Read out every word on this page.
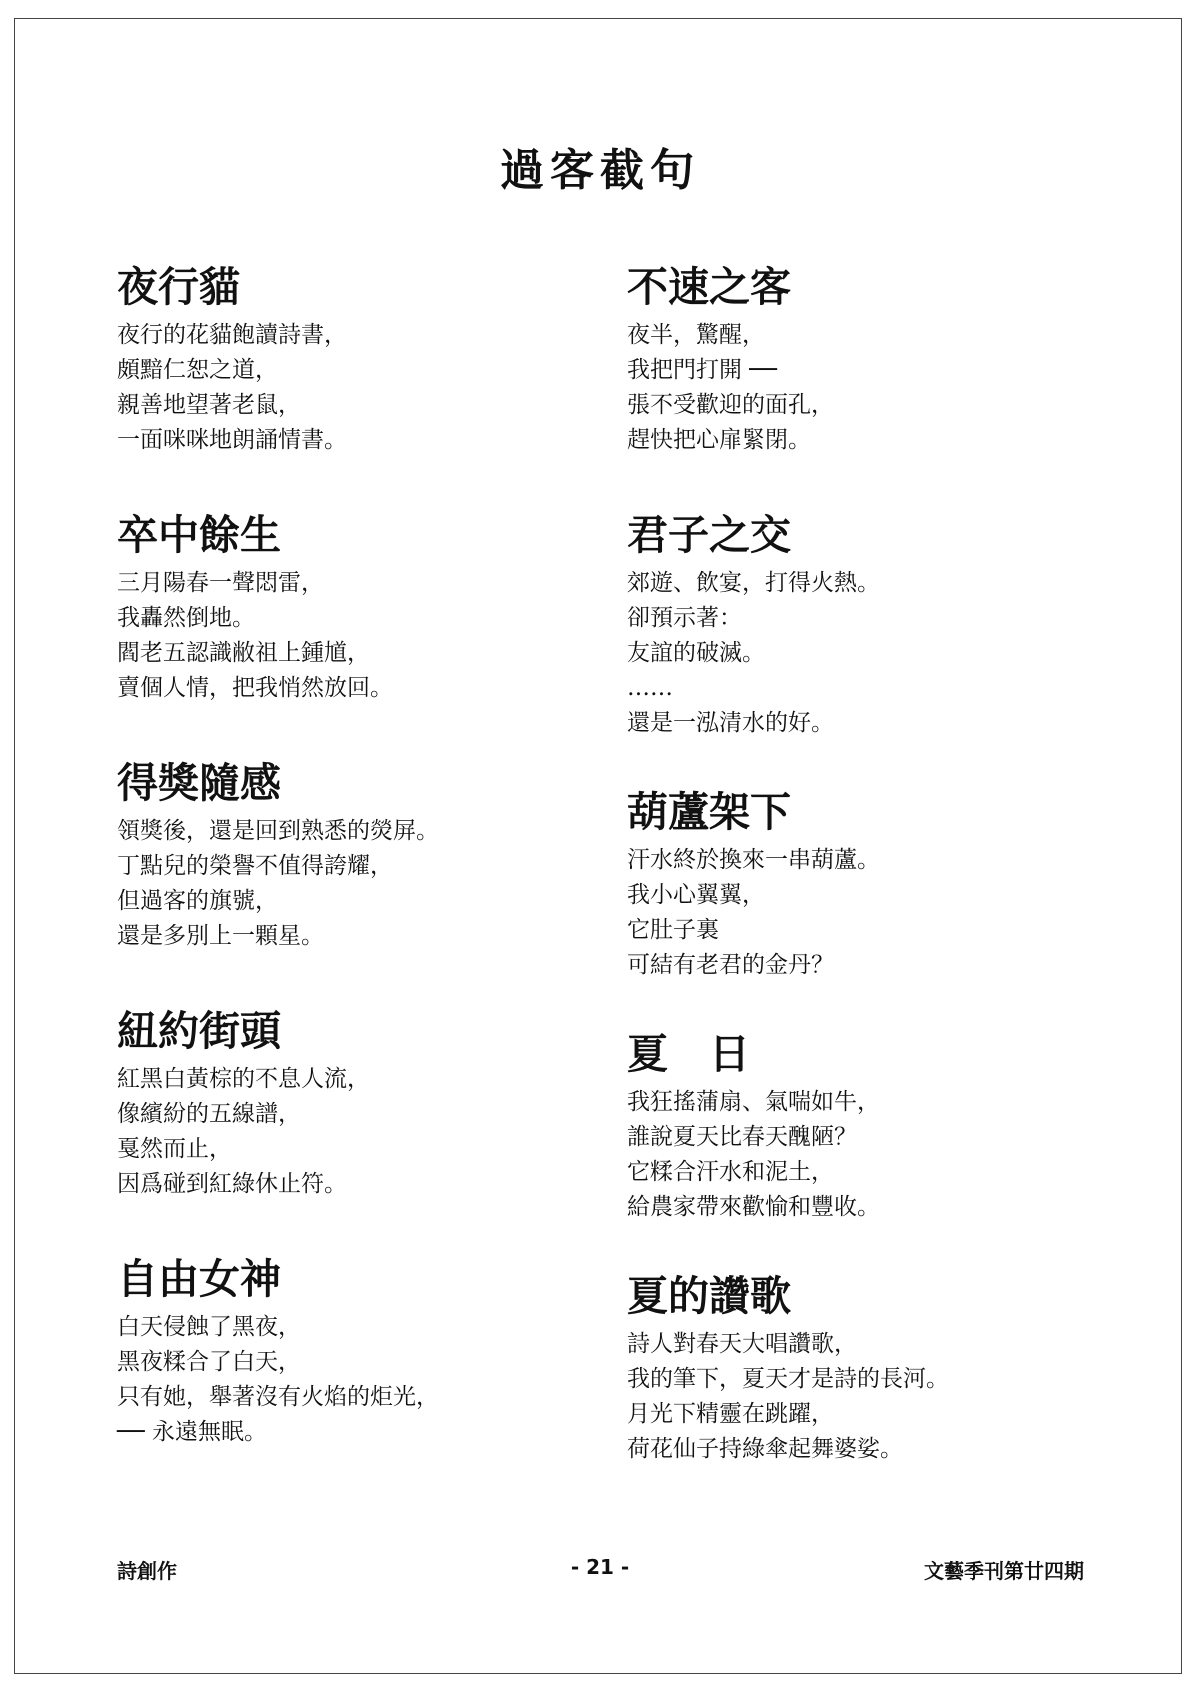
過客截句
夜行貓
夜行的花貓飽讀詩書，
頗黯仁恕之道，
親善地望著老鼠，
一面咪咪地朗誦情書。
卒中餘生
三月陽春一聲悶雷，
我轟然倒地。
閻老五認識敝祖上鍾馗，
賣個人情，把我悄然放回。
得獎隨感
領獎後，還是回到熟悉的熒屏。
丁點兒的榮譽不值得誇耀，
但過客的旗號，
還是多別上一顆星。
紐約街頭
紅黑白黃棕的不息人流，
像繽紛的五線譜，
戛然而止，
因爲碰到紅綠休止符。
自由女神
白天侵蝕了黑夜，
黑夜糅合了白天，
只有她，舉著沒有火焰的炬光，
── 永遠無眠。
不速之客
夜半，驚醒，
我把門打開 ──
張不受歡迎的面孔，
趕快把心扉緊閉。
君子之交
郊遊、飲宴，打得火熱。
卻預示著：
友誼的破滅。
……
還是一泓清水的好。
葫蘆架下
汗水終於換來一串葫蘆。
我小心翼翼，
它肚子裏
可結有老君的金丹？
夏　日
我狂搖蒲扇、氣喘如牛，
誰說夏天比春天醜陋？
它糅合汗水和泥土，
給農家帶來歡愉和豐收。
夏的讚歌
詩人對春天大唱讚歌，
我的筆下，夏天才是詩的長河。
月光下精靈在跳躍，
荷花仙子持綠傘起舞婆娑。
詩創作	- 21 -	文藝季刊第廿四期
